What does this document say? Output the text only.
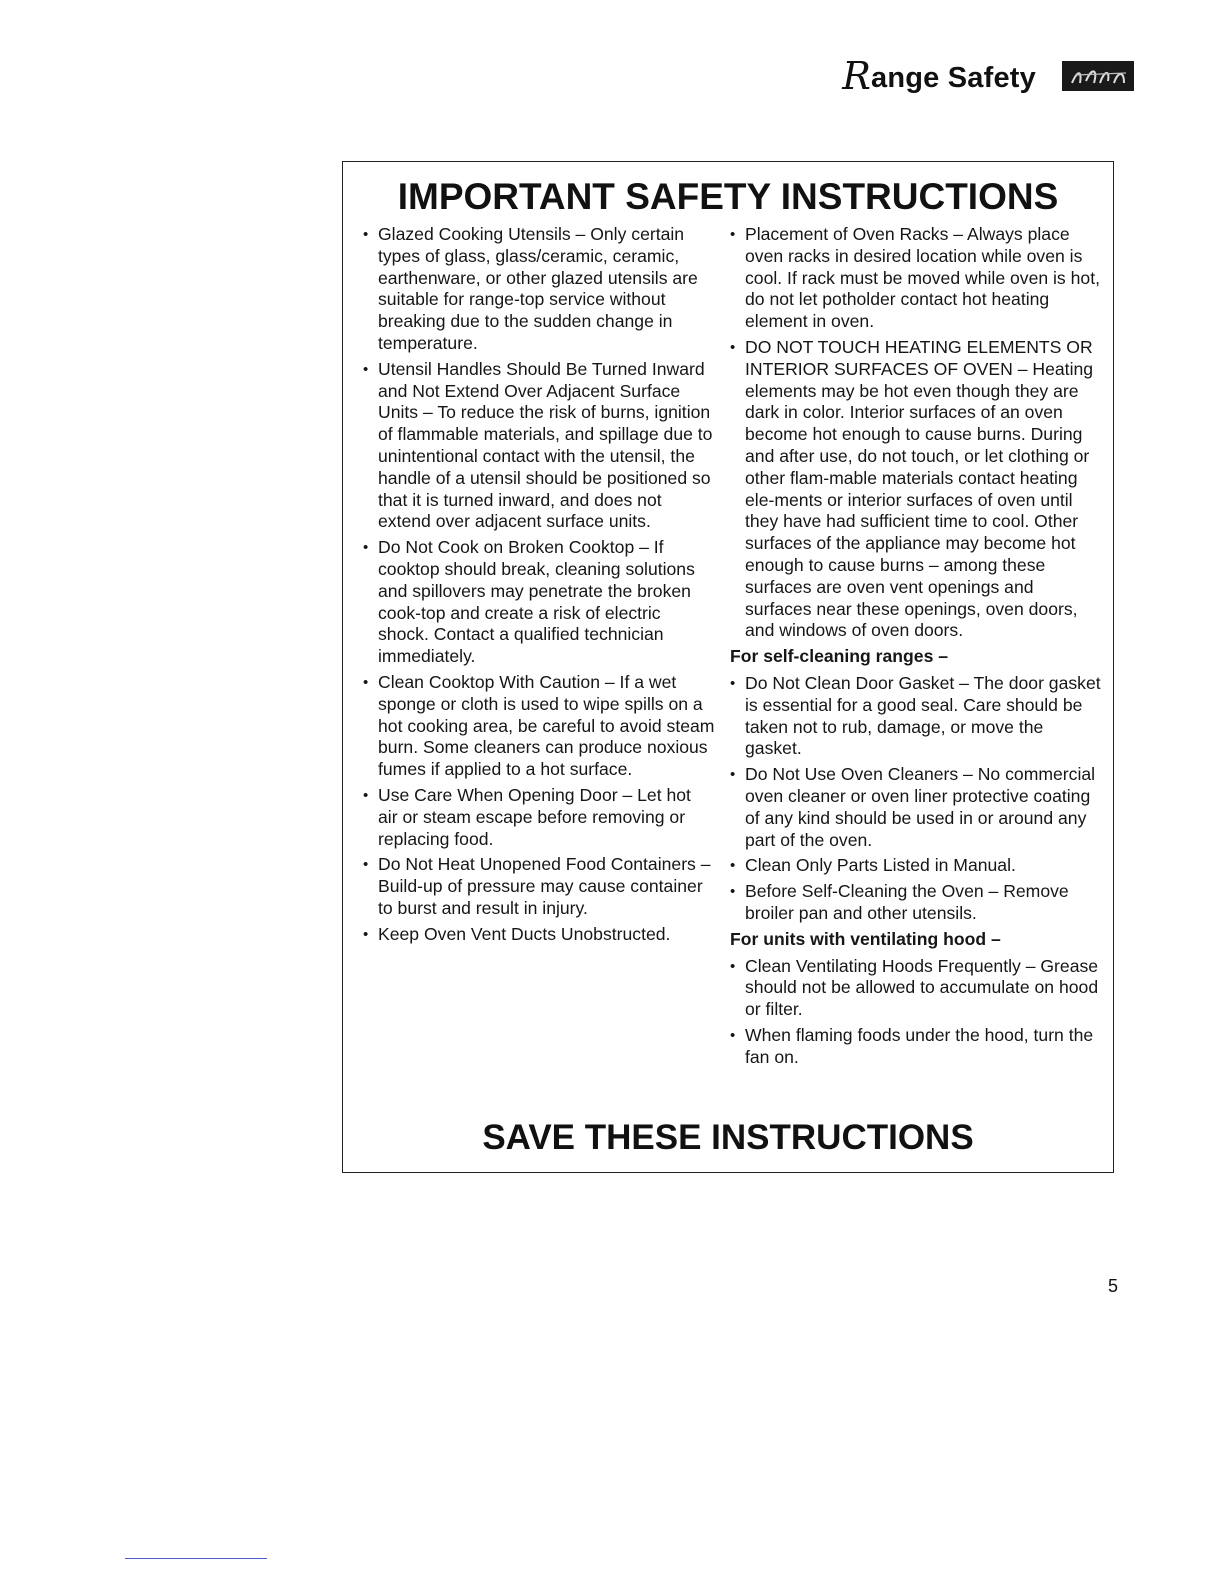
Range Safety
IMPORTANT SAFETY INSTRUCTIONS
• Glazed Cooking Utensils – Only certain types of glass, glass/ceramic, ceramic, earthenware, or other glazed utensils are suitable for range-top service without breaking due to the sudden change in temperature.
• Utensil Handles Should Be Turned Inward and Not Extend Over Adjacent Surface Units – To reduce the risk of burns, ignition of flammable materials, and spillage due to unintentional contact with the utensil, the handle of a utensil should be positioned so that it is turned inward, and does not extend over adjacent surface units.
• Do Not Cook on Broken Cooktop – If cooktop should break, cleaning solutions and spillovers may penetrate the broken cook-top and create a risk of electric shock. Contact a qualified technician immediately.
• Clean Cooktop With Caution – If a wet sponge or cloth is used to wipe spills on a hot cooking area, be careful to avoid steam burn. Some cleaners can produce noxious fumes if applied to a hot surface.
• Use Care When Opening Door – Let hot air or steam escape before removing or replacing food.
• Do Not Heat Unopened Food Containers – Build-up of pressure may cause container to burst and result in injury.
• Keep Oven Vent Ducts Unobstructed.
• Placement of Oven Racks – Always place oven racks in desired location while oven is cool. If rack must be moved while oven is hot, do not let potholder contact hot heating element in oven.
• DO NOT TOUCH HEATING ELEMENTS OR INTERIOR SURFACES OF OVEN – Heating elements may be hot even though they are dark in color. Interior surfaces of an oven become hot enough to cause burns. During and after use, do not touch, or let clothing or other flam-mable materials contact heating ele-ments or interior surfaces of oven until they have had sufficient time to cool. Other surfaces of the appliance may become hot enough to cause burns – among these surfaces are oven vent openings and surfaces near these openings, oven doors, and windows of oven doors.
For self-cleaning ranges –
• Do Not Clean Door Gasket – The door gasket is essential for a good seal. Care should be taken not to rub, damage, or move the gasket.
• Do Not Use Oven Cleaners – No commercial oven cleaner or oven liner protective coating of any kind should be used in or around any part of the oven.
• Clean Only Parts Listed in Manual.
• Before Self-Cleaning the Oven – Remove broiler pan and other utensils.
For units with ventilating hood –
• Clean Ventilating Hoods Frequently – Grease should not be allowed to accumulate on hood or filter.
• When flaming foods under the hood, turn the fan on.
SAVE THESE INSTRUCTIONS
5
